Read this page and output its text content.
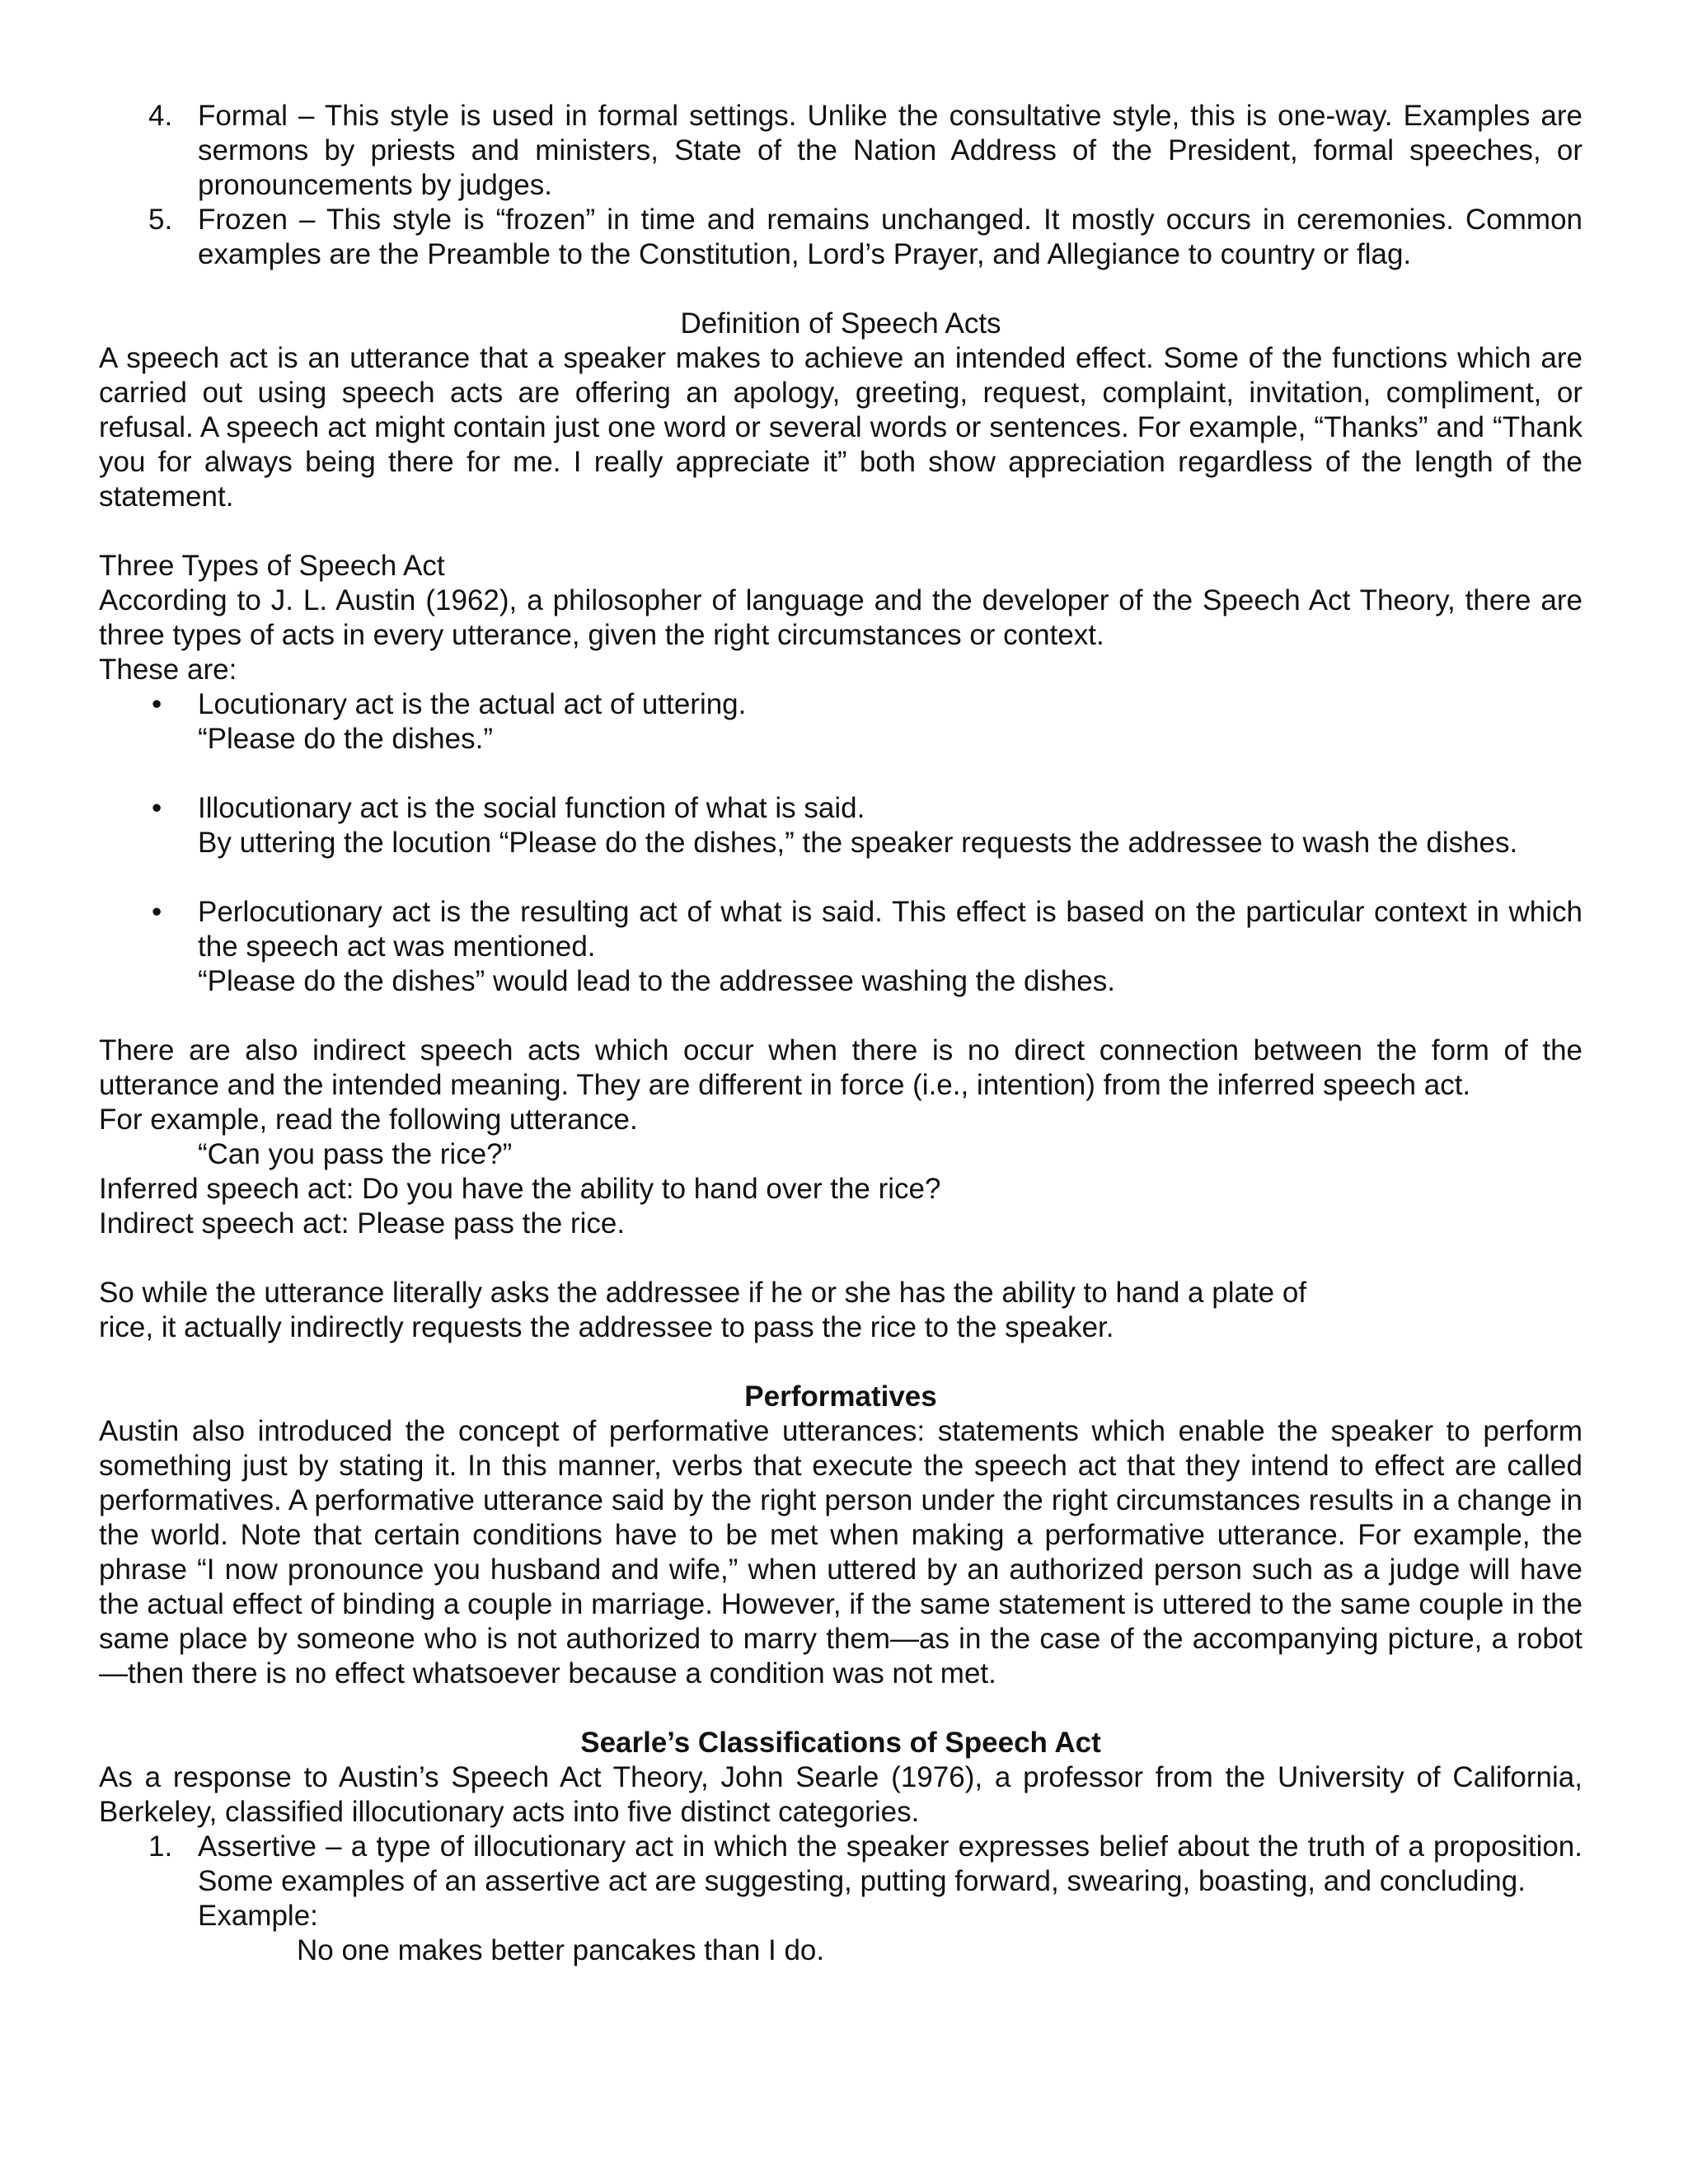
4. Formal – This style is used in formal settings. Unlike the consultative style, this is one-way. Examples are sermons by priests and ministers, State of the Nation Address of the President, formal speeches, or pronouncements by judges.

5. Frozen – This style is “frozen” in time and remains unchanged. It mostly occurs in ceremonies. Common examples are the Preamble to the Constitution, Lord’s Prayer, and Allegiance to country or flag.

Definition of Speech Acts

A speech act is an utterance that a speaker makes to achieve an intended effect. Some of the functions which are carried out using speech acts are offering an apology, greeting, request, complaint, invitation, compliment, or refusal. A speech act might contain just one word or several words or sentences. For example, “Thanks” and “Thank you for always being there for me. I really appreciate it” both show appreciation regardless of the length of the statement.

Three Types of Speech Act

According to J. L. Austin (1962), a philosopher of language and the developer of the Speech Act Theory, there are three types of acts in every utterance, given the right circumstances or context.

These are:

• Locutionary act is the actual act of uttering.

“Please do the dishes.”

• Illocutionary act is the social function of what is said.

By uttering the locution “Please do the dishes,” the speaker requests the addressee to wash the dishes.

• Perlocutionary act is the resulting act of what is said. This effect is based on the particular context in which the speech act was mentioned.

“Please do the dishes” would lead to the addressee washing the dishes.

There are also indirect speech acts which occur when there is no direct connection between the form of the utterance and the intended meaning. They are different in force (i.e., intention) from the inferred speech act.

For example, read the following utterance.

“Can you pass the rice?”

Inferred speech act: Do you have the ability to hand over the rice?

Indirect speech act: Please pass the rice.

So while the utterance literally asks the addressee if he or she has the ability to hand a plate of

rice, it actually indirectly requests the addressee to pass the rice to the speaker.

Performatives

Austin also introduced the concept of performative utterances: statements which enable the speaker to perform something just by stating it. In this manner, verbs that execute the speech act that they intend to effect are called performatives. A performative utterance said by the right person under the right circumstances results in a change in the world. Note that certain conditions have to be met when making a performative utterance. For example, the phrase “I now pronounce you husband and wife,” when uttered by an authorized person such as a judge will have the actual effect of binding a couple in marriage. However, if the same statement is uttered to the same couple in the same place by someone who is not authorized to marry them—as in the case of the accompanying picture, a robot—then there is no effect whatsoever because a condition was not met.

Searle’s Classifications of Speech Act

As a response to Austin’s Speech Act Theory, John Searle (1976), a professor from the University of California, Berkeley, classified illocutionary acts into five distinct categories.

1. Assertive – a type of illocutionary act in which the speaker expresses belief about the truth of a proposition. Some examples of an assertive act are suggesting, putting forward, swearing, boasting, and concluding.

Example:

No one makes better pancakes than I do.
